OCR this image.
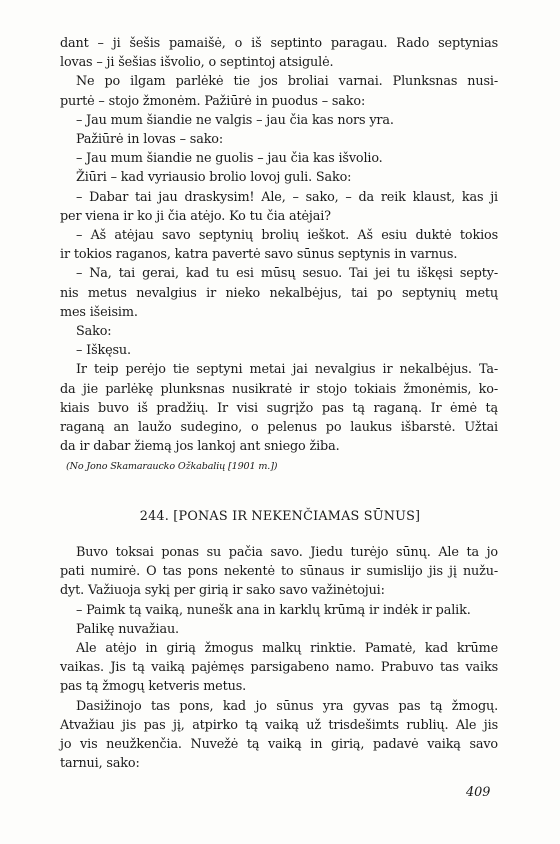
dant – ji šešis pamaišė, o iš septinto paragau. Rado septynias

lovas – ji šešias išvolio, o septintoj atsigulė.

Ne po ilgam parlėkė tie jos broliai varnai. Plunksnas nusi-

purtė – stojo žmonėm. Pažiūrė in puodus – sako:

– Jau mum šiandie ne valgis – jau čia kas nors yra.

Pažiūrė in lovas – sako:

– Jau mum šiandie ne guolis – jau čia kas išvolio.

Žiūri – kad vyriausio brolio lovoj guli. Sako:

– Dabar tai jau draskysim! Ale, – sako, – da reik klaust, kas ji

per viena ir ko ji čia atėjo. Ko tu čia atėjai?

– Aš atėjau savo septynių brolių ieškot. Aš esiu duktė tokios

ir tokios raganos, katra pavertė savo sūnus septynis in varnus.

– Na, tai gerai, kad tu esi mūsų sesuo. Tai jei tu iškęsi septy-

nis metus nevalgius ir nieko nekalbėjus, tai po septynių metų

mes išeisim.

Sako:

– Iškęsu.

Ir teip perėjo tie septyni metai jai nevalgius ir nekalbėjus. Ta-

da jie parlėkę plunksnas nusikratė ir stojo tokiais žmonėmis, ko-

kiais buvo iš pradžių. Ir visi sugrįžo pas tą raganą. Ir ėmė tą

raganą an laužo sudegino, o pelenus po laukus išbarstė. Užtai

da ir dabar žiemą jos lankoj ant sniego žiba.

(No Jono Skamaraucko Ožkabalių [1901 m.])

244. [PONAS IR NEKENČIAMAS SŪNUS]

Buvo toksai ponas su pačia savo. Jiedu turėjo sūnų. Ale ta jo

pati numirė. O tas pons nekentė to sūnaus ir sumislijo jis jį nužu-

dyt. Važiuoja sykį per girią ir sako savo važinėtojui:

– Paimk tą vaiką, nunešk ana in karklų krūmą ir indėk ir palik.

Palikę nuvažiau.

Ale atėjo in girią žmogus malkų rinktie. Pamatė, kad krūme

vaikas. Jis tą vaiką pajėmęs parsigabeno namo. Prabuvo tas vaiks

pas tą žmogų ketveris metus.

Dasižinojo tas pons, kad jo sūnus yra gyvas pas tą žmogų.

Atvažiau jis pas jį, atpirko tą vaiką už trisdešimts rublių. Ale jis

jo vis neužkenčia. Nuvežė tą vaiką in girią, padavė vaiką savo

tarnui, sako:

409
